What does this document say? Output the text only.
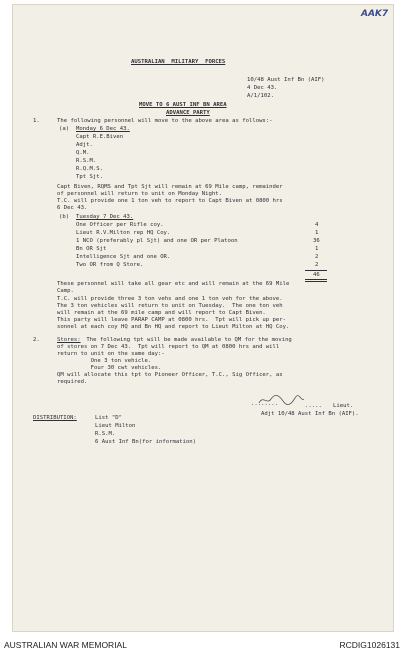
AAK7
AUSTRALIAN  MILITARY  FORCES
10/48 Aust Inf Bn (AIF)
4 Dec 43.
A/1/102.
MOVE TO 6 AUST INF BN AREA
ADVANCE PARTY
1.	The following personnel will move to the above area as follows:-
(a) Monday 6 Dec 43.
Capt R.E.Biven
Adjt.
Q.M.
R.S.M.
R.Q.M.S.
Tpt Sjt.
Capt Biven, RQMS and Tpt Sjt will remain at 69 Mile camp, remainder
of personnel will return to unit on Monday Night.
T.C. will provide one 1 ton veh to report to Capt Biven at 0800 hrs
6 Dec 43.
(b) Tuesday 7 Dec 43.
One Officer per Rifle coy.	4
Lieut R.V.Milton rep HQ Coy.	1
1 NCO (preferably pl Sjt) and one OR per Platoon	36
Bn OR Sjt	1
Intelligence Sjt and one OR.	2
Two OR from Q Store.	2
46
These personnel will take all gear etc and will remain at the 69 Mile
Camp.
T.C. will provide three 3 ton vehs and one 1 ton veh for the above.
The 3 ton vehicles will return to unit on Tuesday.  The one ton veh
will remain at the 69 mile camp and will report to Capt Biven.
This party will leave PARAP CAMP at 0800 hrs.  Tpt will pick up per-
sonnel at each coy HQ and Bn HQ and report to Lieut Milton at HQ Coy.
2.	Stores: The following tpt will be made available to QM for the moving
of stores on 7 Dec 43.  Tpt will report to QM at 0800 hrs and will
return to unit on the same day:-
One 3 ton vehicle.
Four 30 cwt vehicles.
QM will allocate this tpt to Pioneer Officer, T.C., Sig Officer, as
required.
........	..... Lieut.
Adjt 10/48 Aust Inf Bn (AIF).
DISTRIBUTION:	List "D"
Lieut Milton
R.S.M.
6 Aust Inf Bn(for information)
AUSTRALIAN WAR MEMORIAL	RCDIG1026131
